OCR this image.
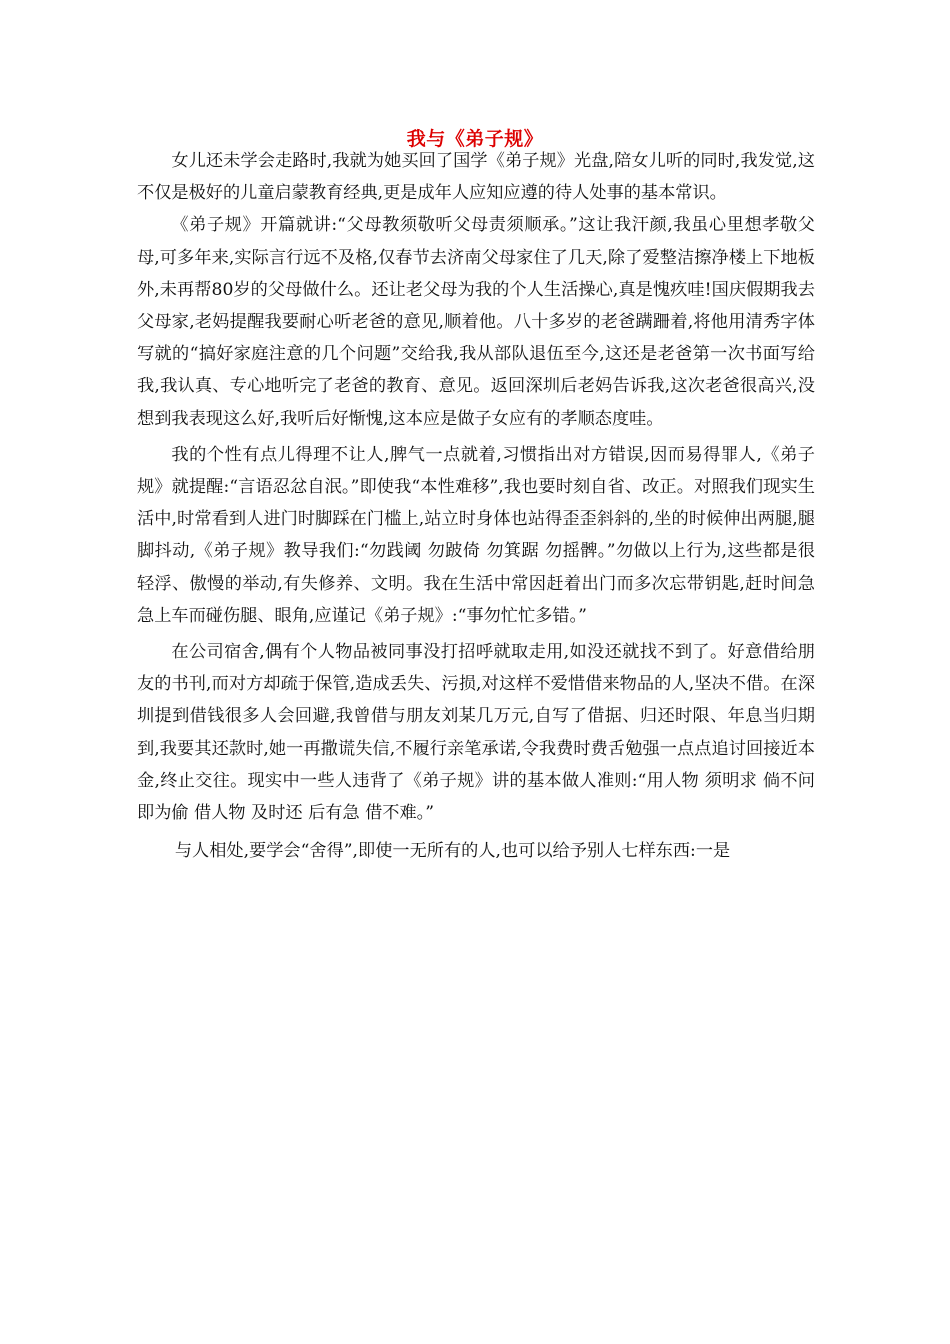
我与《弟子规》

女儿还未学会走路时,我就为她买回了国学《弟子规》光盘,陪女儿听的同时,我发觉,这不仅是极好的儿童启蒙教育经典,更是成年人应知应遵的待人处事的基本常识。

《弟子规》开篇就讲:“父母教须敬听父母责须顺承。”这让我汗颜,我虽心里想孝敬父母,可多年来,实际言行远不及格,仅春节去济南父母家住了几天,除了爱整洁擦净楼上下地板外,未再帮80岁的父母做什么。还让老父母为我的个人生活操心,真是愧疚哇!国庆假期我去父母家,老妈提醒我要耐心听老爸的意见,顺着他。八十多岁的老爸蹒跚着,将他用清秀字体写就的“搞好家庭注意的几个问题”交给我,我从部队退伍至今,这还是老爸第一次书面写给我,我认真、专心地听完了老爸的教育、意见。返回深圳后老妈告诉我,这次老爸很高兴,没想到我表现这么好,我听后好惭愧,这本应是做子女应有的孝顺态度哇。

我的个性有点儿得理不让人,脾气一点就着,习惯指出对方错误,因而易得罪人,《弟子规》就提醒:“言语忍忿自泯。”即使我“本性难移”,我也要时刻自省、改正。对照我们现实生活中,时常看到人进门时脚踩在门槛上,站立时身体也站得歪歪斜斜的,坐的时候伸出两腿,腿脚抖动,《弟子规》教导我们:“勿践阈 勿跛倚 勿箕踞 勿摇髀。”勿做以上行为,这些都是很轻浮、傲慢的举动,有失修养、文明。我在生活中常因赶着出门而多次忘带钥匙,赶时间急急上车而碰伤腿、眼角,应谨记《弟子规》:“事勿忙忙多错。”

在公司宿舍,偶有个人物品被同事没打招呼就取走用,如没还就找不到了。好意借给朋友的书刊,而对方却疏于保管,造成丢失、污损,对这样不爱惜借来物品的人,坚决不借。在深圳提到借钱很多人会回避,我曾借与朋友刘某几万元,自写了借据、归还时限、年息当归期到,我要其还款时,她一再撒谎失信,不履行亲笔承诺,令我费时费舌勉强一点点追讨回接近本金,终止交往。现实中一些人违背了《弟子规》讲的基本做人准则:“用人物 须明求 倘不问 即为偷 借人物 及时还 后有急 借不难。”

与人相处,要学会“舍得”,即使一无所有的人,也可以给予别人七样东西:一是
